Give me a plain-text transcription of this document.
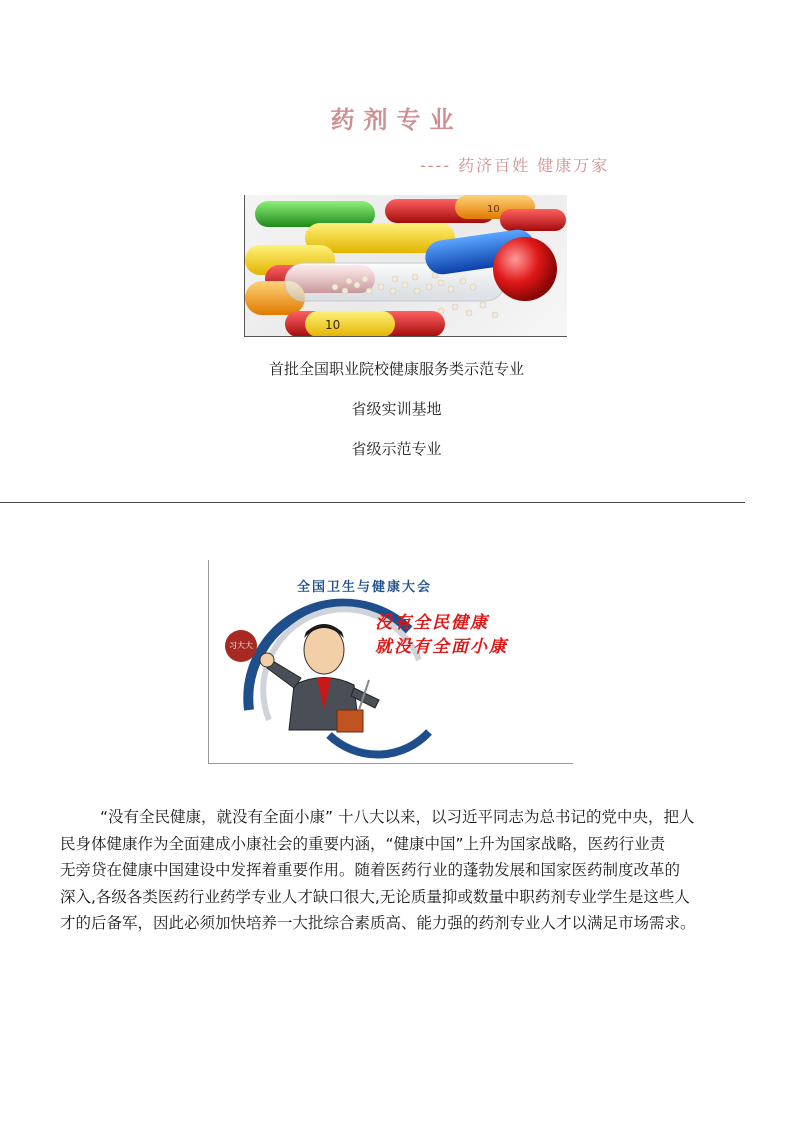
药剂专业
---- 药济百姓 健康万家
10
10
首批全国职业院校健康服务类示范专业
省级实训基地
省级示范专业
习大大
全国卫生与健康大会
没有全民健康
就没有全面小康
“没有全民健康，就没有全面小康” 十八大以来，以习近平同志为总书记的党中央，把人
民身体健康作为全面建成小康社会的重要内涵，“健康中国”上升为国家战略，医药行业责
无旁贷在健康中国建设中发挥着重要作用。随着医药行业的蓬勃发展和国家医药制度改革的
深入,各级各类医药行业药学专业人才缺口很大,无论质量抑或数量中职药剂专业学生是这些人
才的后备军，因此必须加快培养一大批综合素质高、能力强的药剂专业人才以满足市场需求。
